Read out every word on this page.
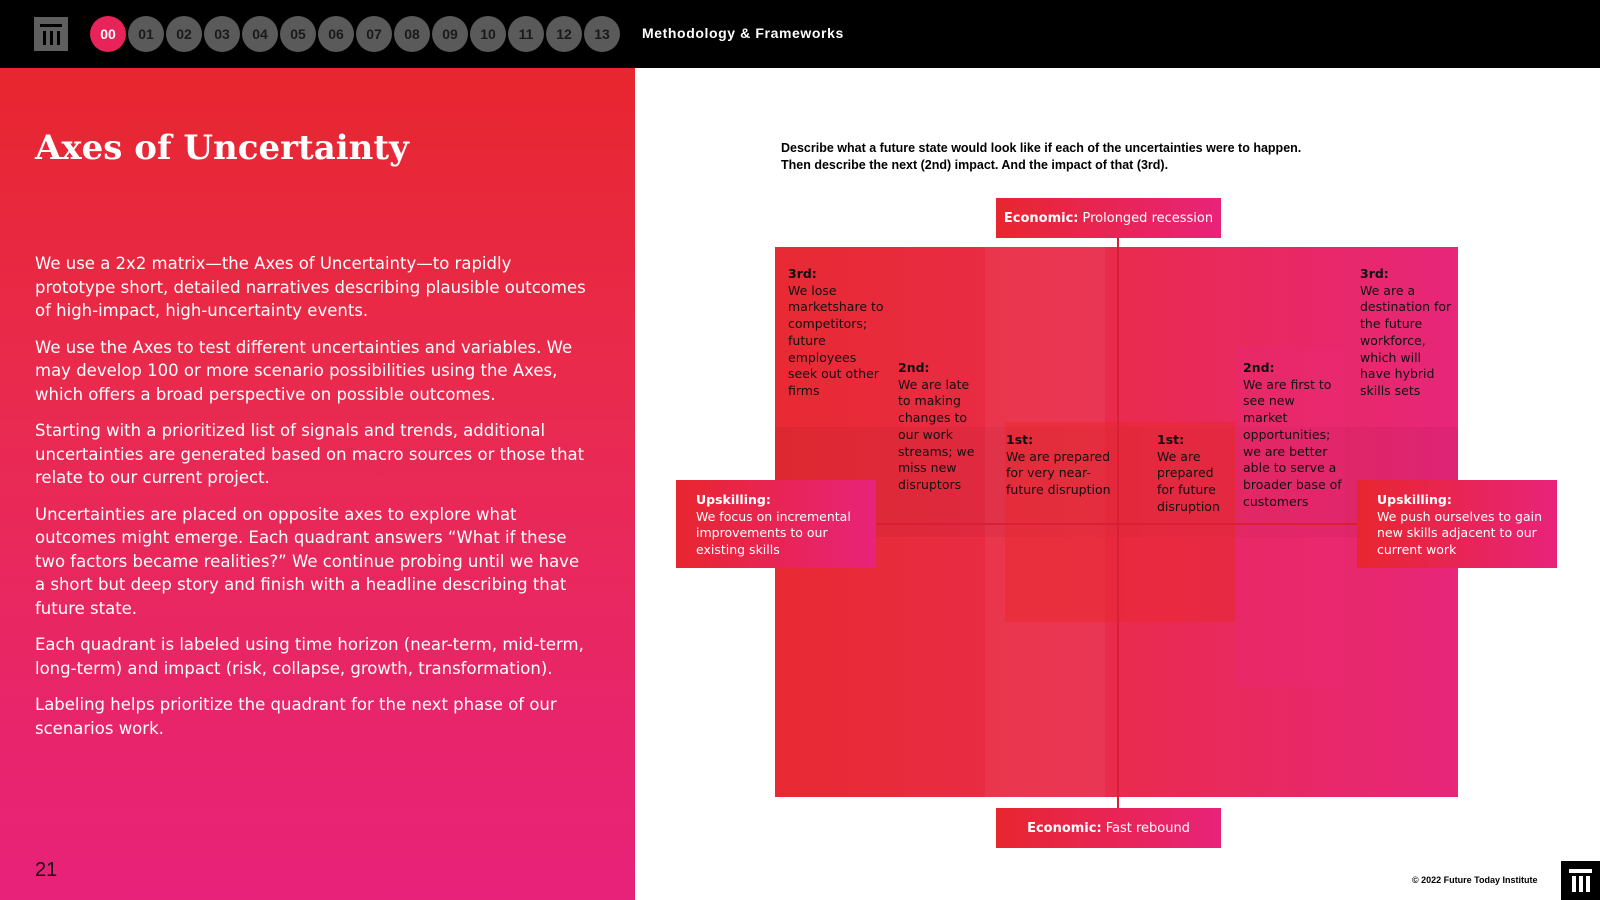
00	01	02	03	04	05	06	07	08	09	10	11	12	13	Methodology & Frameworks
Axes of Uncertainty

We use a 2x2 matrix—the Axes of Uncertainty—to rapidly prototype short, detailed narratives describing plausible outcomes of high-impact, high-uncertainty events.

We use the Axes to test different uncertainties and variables. We may develop 100 or more scenario possibilities using the Axes, which offers a broad perspective on possible outcomes.

Starting with a prioritized list of signals and trends, additional uncertainties are generated based on macro sources or those that relate to our current project.

Uncertainties are placed on opposite axes to explore what outcomes might emerge. Each quadrant answers “What if these two factors became realities?” We continue probing until we have a short but deep story and finish with a headline describing that future state.

Each quadrant is labeled using time horizon (near-term, mid-term, long-term) and impact (risk, collapse, growth, transformation).

Labeling helps prioritize the quadrant for the next phase of our scenarios work.

21
Describe what a future state would look like if each of the uncertainties were to happen.
Then describe the next (2nd) impact. And the impact of that (3rd).
Economic: Prolonged recession
Economic: Fast rebound
Upskilling:
We focus on incremental improvements to our existing skills
Upskilling:
We push ourselves to gain new skills adjacent to our current work
3rd:
We lose marketshare to competitors; future employees seek out other firms
2nd:
We are late to making changes to our work streams; we miss new disruptors
1st:
We are prepared for very near-future disruption
1st:
We are prepared for future disruption
2nd:
We are first to see new market opportunities; we are better able to serve a broader base of customers
3rd:
We are a destination for the future workforce, which will have hybrid skills sets
© 2022 Future Today Institute
